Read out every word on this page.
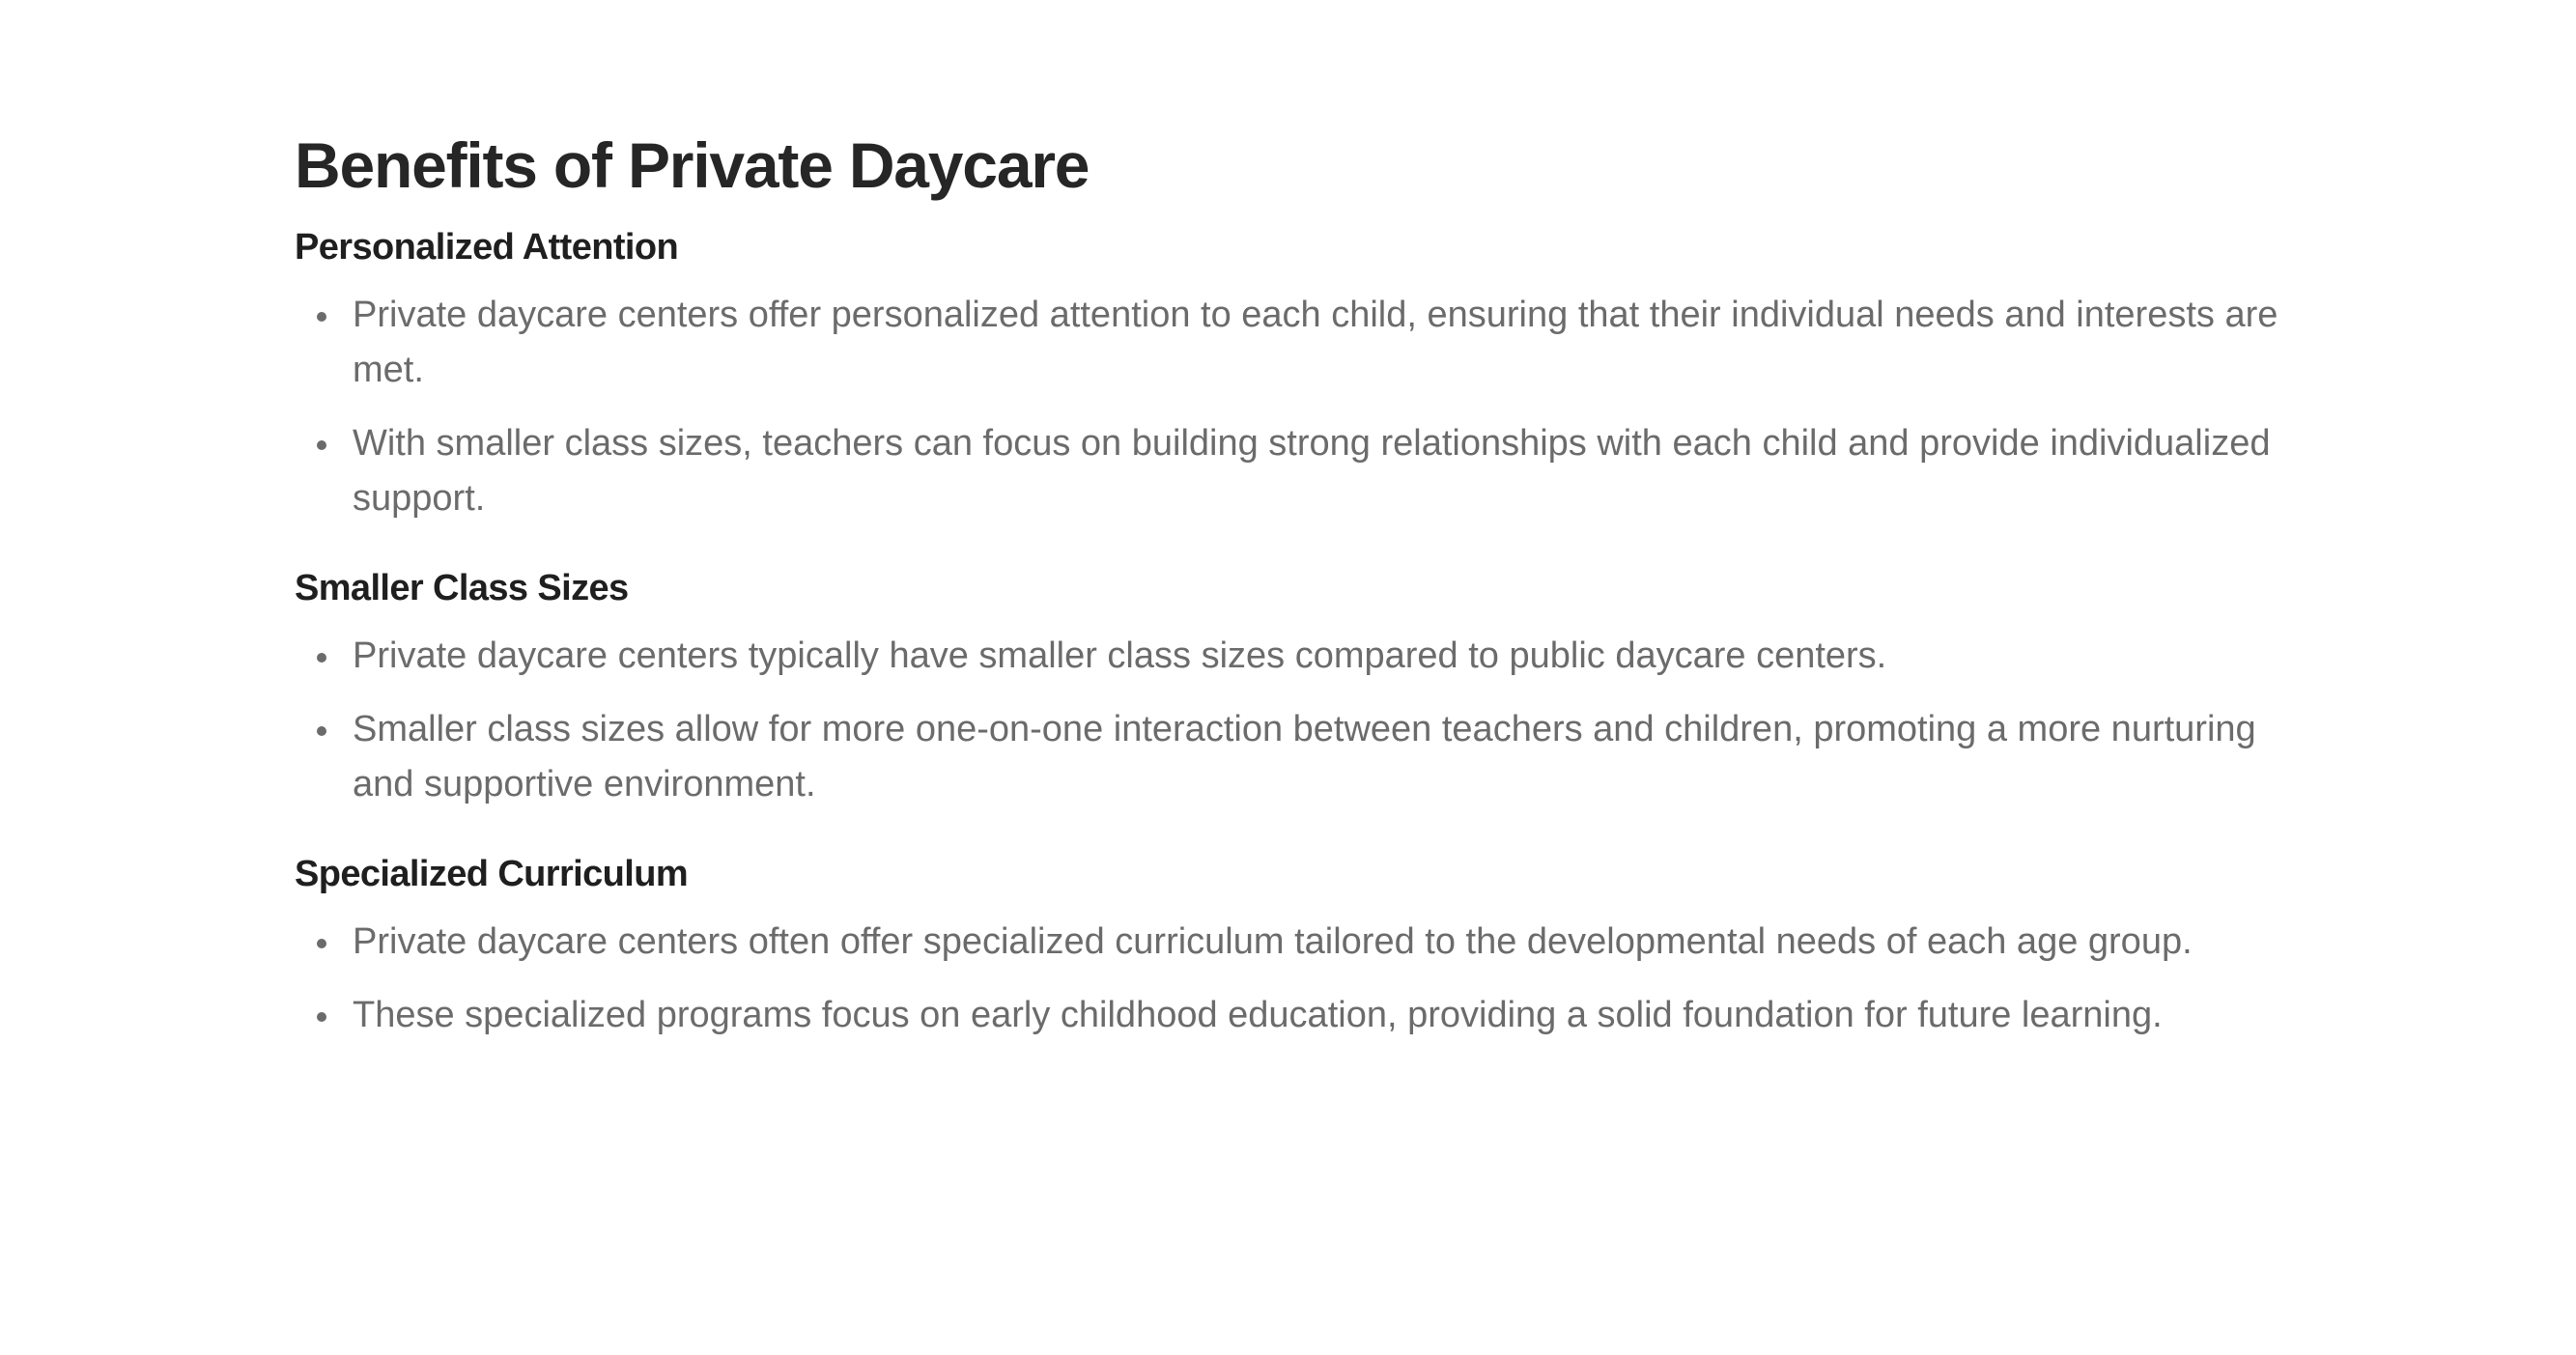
Benefits of Private Daycare
Personalized Attention
Private daycare centers offer personalized attention to each child, ensuring that their individual needs and interests are met.
With smaller class sizes, teachers can focus on building strong relationships with each child and provide individualized support.
Smaller Class Sizes
Private daycare centers typically have smaller class sizes compared to public daycare centers.
Smaller class sizes allow for more one-on-one interaction between teachers and children, promoting a more nurturing and supportive environment.
Specialized Curriculum
Private daycare centers often offer specialized curriculum tailored to the developmental needs of each age group.
These specialized programs focus on early childhood education, providing a solid foundation for future learning.
